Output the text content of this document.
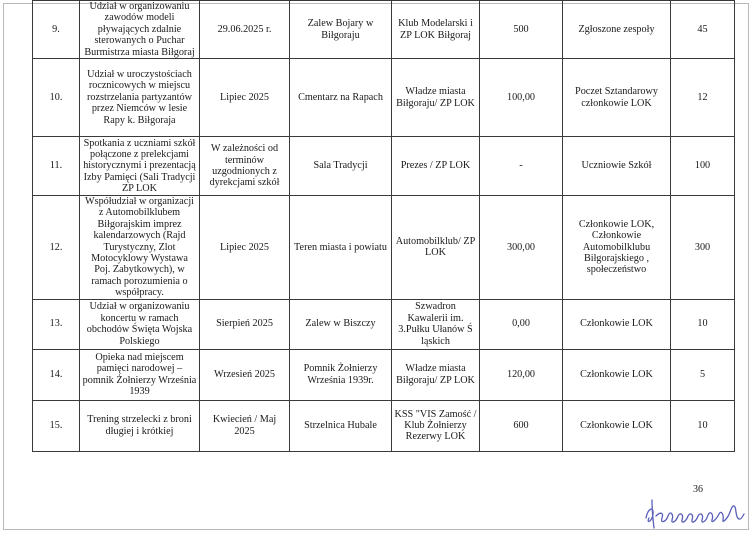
9.	Udział w organizowaniu zawodów modeli pływających zdalnie sterowanych o Puchar Burmistrza miasta Biłgoraj	29.06.2025 r.	Zalew Bojary w Biłgoraju	Klub Modelarski i ZP LOK Biłgoraj	500	Zgłoszone zespoły	45
10.	Udział w uroczystościach rocznicowych w miejscu rozstrzelania partyzantów przez Niemców w lesie Rapy k. Biłgoraja	Lipiec 2025	Cmentarz na Rapach	Władze miasta Biłgoraju/ ZP LOK	100,00	Poczet Sztandarowy członkowie LOK	12
11.	Spotkania z uczniami szkół połączone z prelekcjami historycznymi i prezentacją Izby Pamięci (Sali Tradycji ZP LOK	W zależności od terminów uzgodnionych z dyrekcjami szkół	Sala Tradycji	Prezes / ZP LOK	-	Uczniowie Szkół	100
12.	Współudział w organizacji z Automobilklubem Biłgorajskim imprez kalendarzowych (Rajd Turystyczny, Zlot Motocyklowy Wystawa Poj. Zabytkowych), w ramach porozumienia o współpracy.	Lipiec 2025	Teren miasta i powiatu	Automobilklub/ ZP LOK	300,00	Członkowie LOK, Członkowie Automobilklubu Biłgorajskiego , społeczeństwo	300
13.	Udział w organizowaniu koncertu w ramach obchodów Święta Wojska Polskiego	Sierpień 2025	Zalew w Biszczy	Szwadron Kawalerii im. 3.Pułku Ułanów Ś ląskich	0,00	Członkowie LOK	10
14.	Opieka nad miejscem pamięci narodowej – pomnik Żołnierzy Września 1939	Wrzesień 2025	Pomnik Żołnierzy Września 1939r.	Władze miasta Biłgoraju/ ZP LOK	120,00	Członkowie LOK	5
15.	Trening strzelecki z broni długiej i krótkiej	Kwiecień / Maj 2025	Strzelnica Hubale	KSS "VIS Zamość / Klub Żołnierzy Rezerwy LOK	600	Członkowie LOK	10
36
